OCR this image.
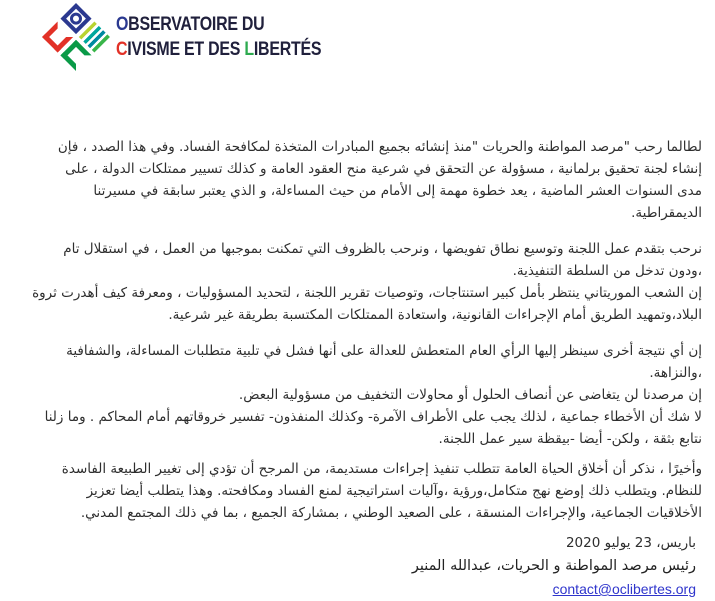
OBSERVATOIRE DU
CIVISME ET DES LIBERTÉS
لطالما رحب "مرصد المواطنة والحريات "منذ إنشائه بجميع المبادرات المتخذة لمكافحة الفساد. وفي هذا الصدد ، فإن
إنشاء لجنة تحقيق برلمانية ، مسؤولة عن التحقق في شرعية منح العقود العامة و كذلك تسيير ممتلكات الدولة ، على
مدى السنوات العشر الماضية ، يعد خطوة مهمة إلى الأمام من حيث المساءلة، و الذي يعتبر سابقة في مسيرتنا
الديمقراطية.
نرحب بتقدم عمل اللجنة وتوسيع نطاق تفويضها ، ونرحب بالظروف التي تمكنت بموجبها من العمل ، في استقلال تام
،ودون تدخل من السلطة التنفيذية.
إن الشعب الموريتاني ينتظر بأمل كبير استنتاجات، وتوصيات تقرير اللجنة ، لتحديد المسؤوليات ، ومعرفة كيف أهدرت ثروة
البلاد،وتمهيد الطريق أمام الإجراءات القانونية، واستعادة الممتلكات المكتسبة بطريقة غير شرعية.
إن أي نتيجة أخرى سينظر إليها الرأي العام المتعطش للعدالة على أنها فشل في تلبية متطلبات المساءلة، والشفافية
،والنزاهة.
إن مرصدنا لن يتغاضى عن أنصاف الحلول أو محاولات التخفيف من مسؤولية البعض.
لا شك أن الأخطاء جماعية ، لذلك يجب على الأطراف الآمرة- وكذلك المنفذون- تفسير خروقاتهم أمام المحاكم . وما زلنا
نتابع بثقة ، ولكن- أيضا -بيقظة سير عمل اللجنة.
وأخيرًا ، نذكر أن أخلاق الحياة العامة تتطلب تنفيذ إجراءات مستديمة، من المرجح أن تؤدي إلى تغيير الطبيعة الفاسدة
للنظام. ويتطلب ذلك إوضع نهج متكامل،ورؤية ،وآليات استراتيجية لمنع الفساد ومكافحته. وهذا يتطلب أيضا تعزيز
الأخلاقيات الجماعية، والإجراءات المنسقة ، على الصعيد الوطني ، بمشاركة الجميع ، بما في ذلك المجتمع المدني.
باريس، 23 يوليو 2020
رئيس مرصد المواطنة و الحريات، عبدالله المنير
contact@oclibertes.org
